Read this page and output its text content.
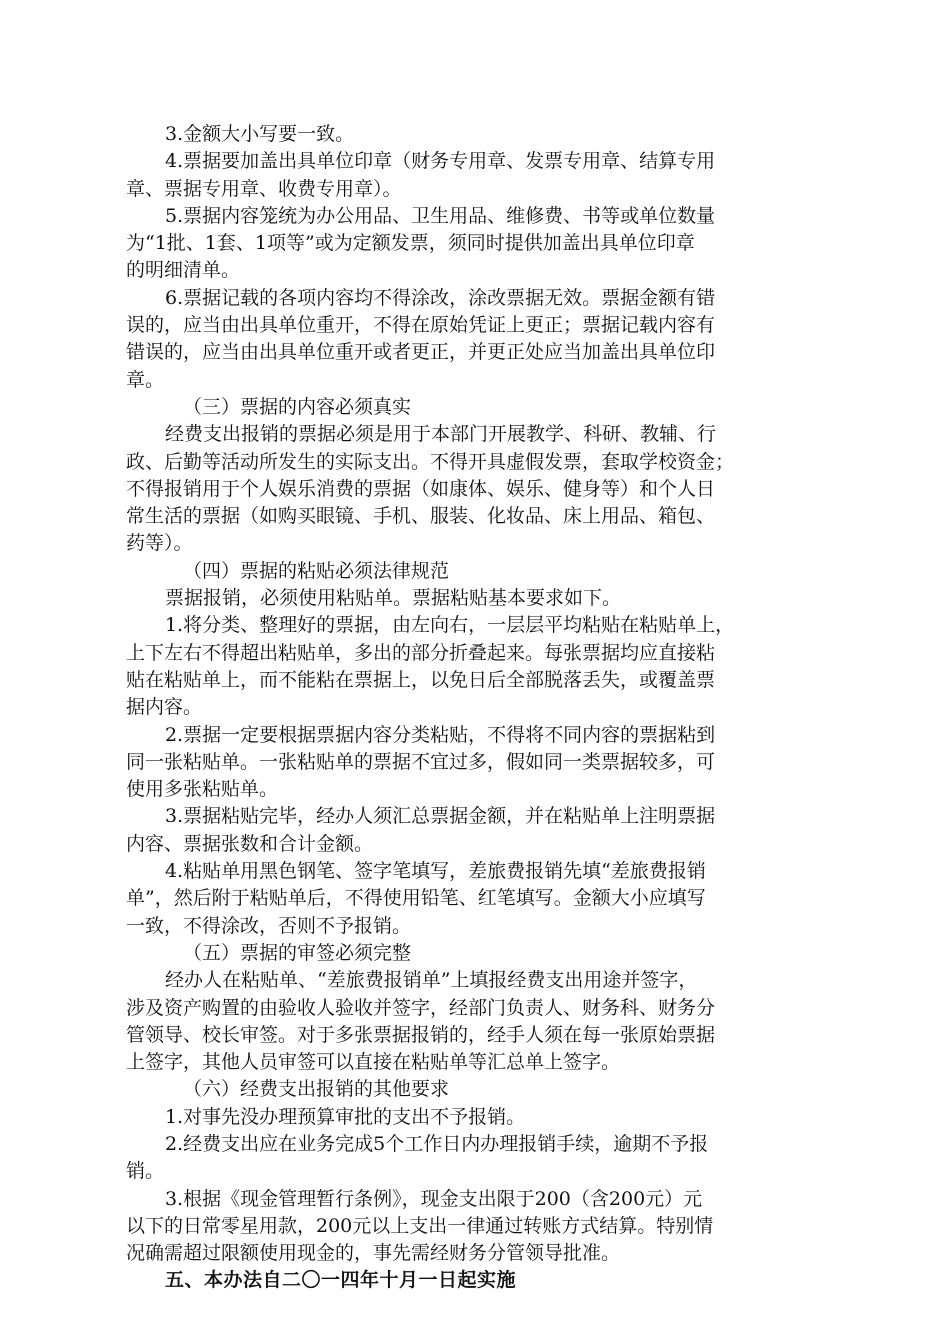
3.金额大小写要一致。
4.票据要加盖出具单位印章（财务专用章、发票专用章、结算专用
章、票据专用章、收费专用章）。
5.票据内容笼统为办公用品、卫生用品、维修费、书等或单位数量
为“1批、1套、1项等”或为定额发票，须同时提供加盖出具单位印章
的明细清单。
6.票据记载的各项内容均不得涂改，涂改票据无效。票据金额有错
误的，应当由出具单位重开，不得在原始凭证上更正；票据记载内容有
错误的，应当由出具单位重开或者更正，并更正处应当加盖出具单位印
章。
（三）票据的内容必须真实
经费支出报销的票据必须是用于本部门开展教学、科研、教辅、行
政、后勤等活动所发生的实际支出。不得开具虚假发票，套取学校资金；
不得报销用于个人娱乐消费的票据（如康体、娱乐、健身等）和个人日
常生活的票据（如购买眼镜、手机、服装、化妆品、床上用品、箱包、
药等）。
（四）票据的粘贴必须法律规范
票据报销，必须使用粘贴单。票据粘贴基本要求如下。
1.将分类、整理好的票据，由左向右，一层层平均粘贴在粘贴单上，
上下左右不得超出粘贴单，多出的部分折叠起来。每张票据均应直接粘
贴在粘贴单上，而不能粘在票据上，以免日后全部脱落丢失，或覆盖票
据内容。
2.票据一定要根据票据内容分类粘贴，不得将不同内容的票据粘到
同一张粘贴单。一张粘贴单的票据不宜过多，假如同一类票据较多，可
使用多张粘贴单。
3.票据粘贴完毕，经办人须汇总票据金额，并在粘贴单上注明票据
内容、票据张数和合计金额。
4.粘贴单用黑色钢笔、签字笔填写，差旅费报销先填“差旅费报销
单”，然后附于粘贴单后，不得使用铅笔、红笔填写。金额大小应填写
一致，不得涂改，否则不予报销。
（五）票据的审签必须完整
经办人在粘贴单、“差旅费报销单”上填报经费支出用途并签字，
涉及资产购置的由验收人验收并签字，经部门负责人、财务科、财务分
管领导、校长审签。对于多张票据报销的，经手人须在每一张原始票据
上签字，其他人员审签可以直接在粘贴单等汇总单上签字。
（六）经费支出报销的其他要求
1.对事先没办理预算审批的支出不予报销。
2.经费支出应在业务完成5个工作日内办理报销手续，逾期不予报
销。
3.根据《现金管理暂行条例》，现金支出限于200（含200元）元
以下的日常零星用款，200元以上支出一律通过转账方式结算。特别情
况确需超过限额使用现金的，事先需经财务分管领导批准。
五、本办法自二〇一四年十月一日起实施
